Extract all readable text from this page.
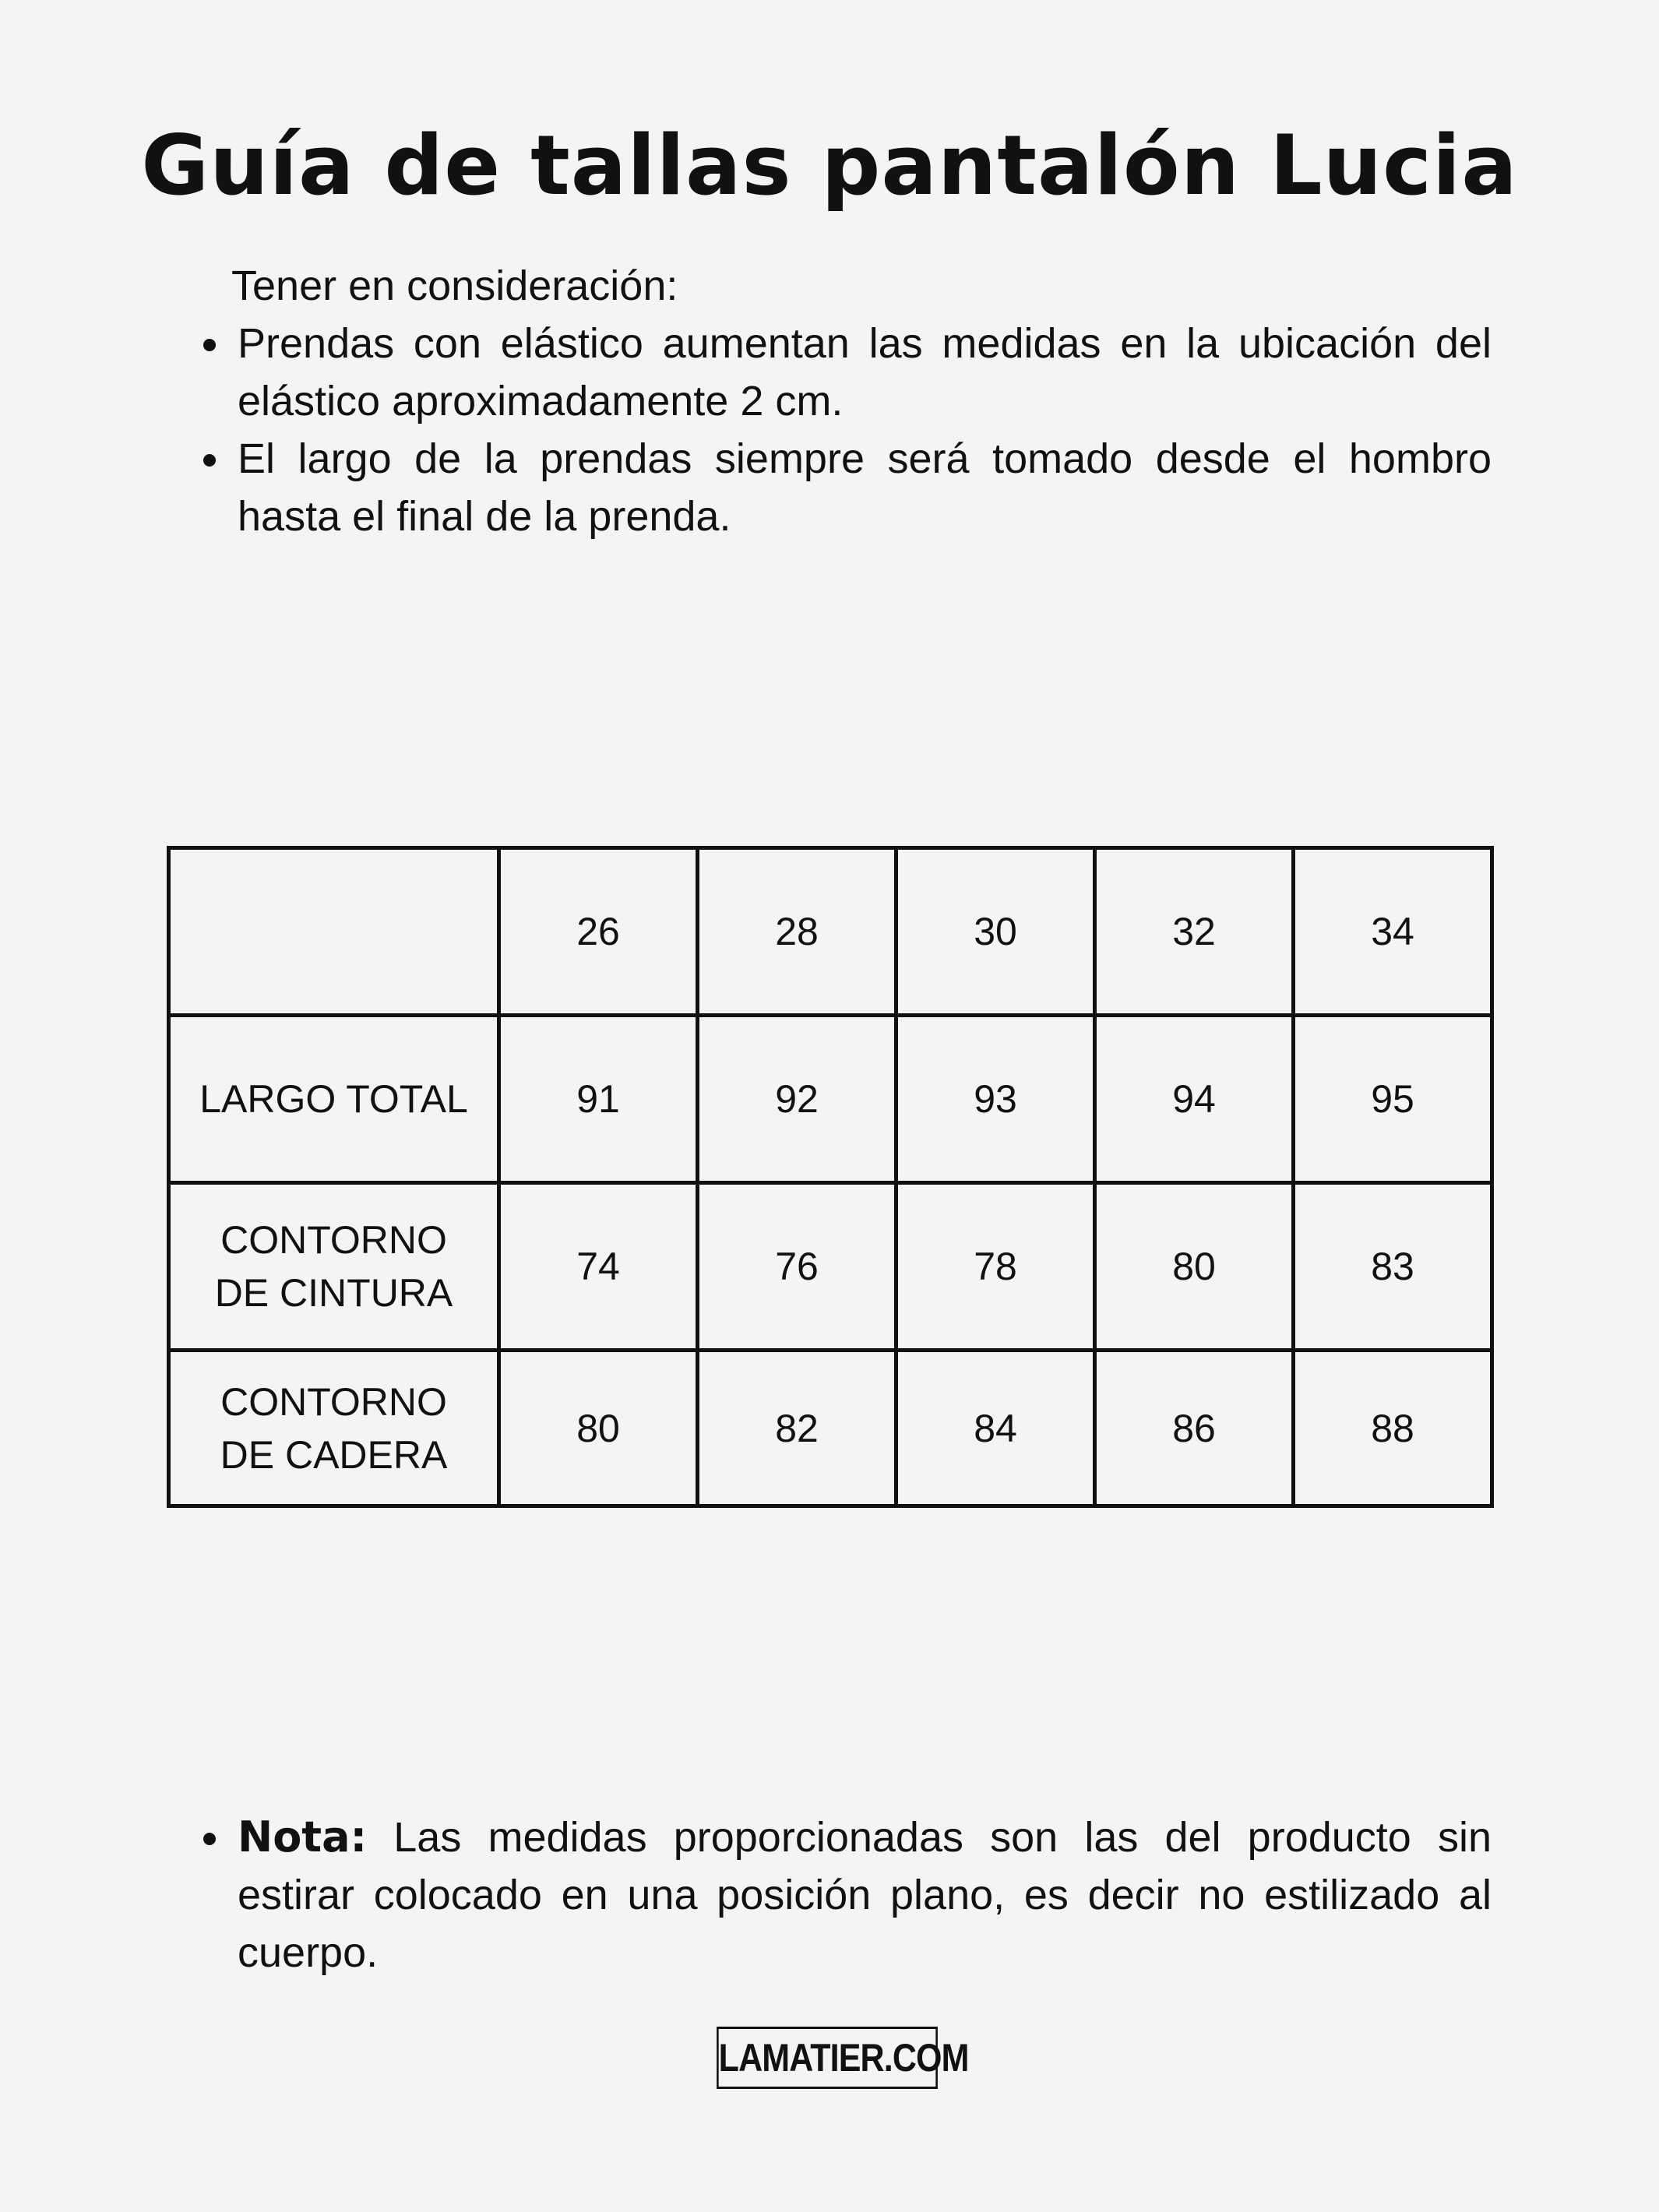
Guía de tallas pantalón Lucia
Tener en consideración:
Prendas con elástico aumentan las medidas en la ubicación del elástico aproximadamente 2 cm.
El largo de la prendas siempre será tomado desde el hombro hasta el final de la prenda.
	26	28	30	32	34

LARGO TOTAL	91	92	93	94	95

CONTORNO
DE CINTURA	74	76	78	80	83

CONTORNO
DE CADERA	80	82	84	86	88
Nota: Las medidas proporcionadas son las del producto sin estirar colocado en una posición plano, es decir no estilizado al cuerpo.
LAMATIER.COM
